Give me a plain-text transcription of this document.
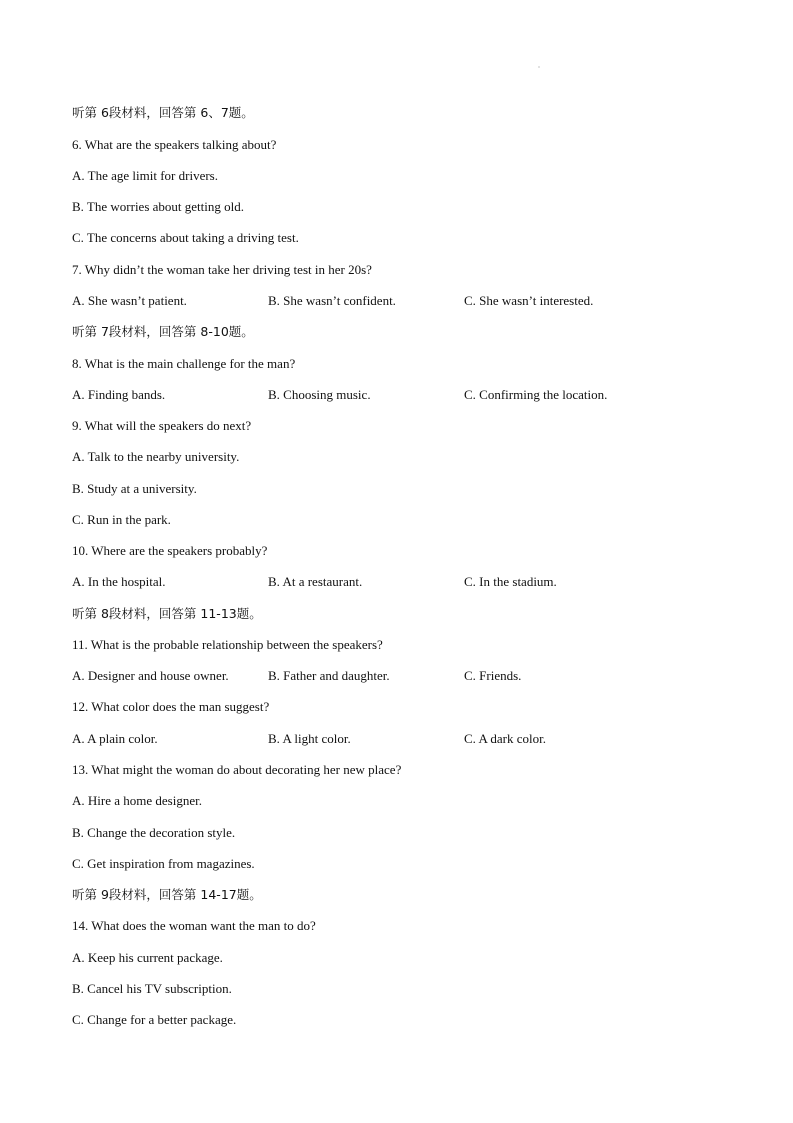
听第 6段材料，回答第 6、7题。
6. What are the speakers talking about?
A. The age limit for drivers.
B. The worries about getting old.
C. The concerns about taking a driving test.
7. Why didn’t the woman take her driving test in her 20s?
A. She wasn’t patient.	B. She wasn’t confident.	C. She wasn’t interested.
听第 7段材料，回答第 8-10题。
8. What is the main challenge for the man?
A. Finding bands.	B. Choosing music.	C. Confirming the location.
9. What will the speakers do next?
A. Talk to the nearby university.
B. Study at a university.
C. Run in the park.
10. Where are the speakers probably?
A. In the hospital.	B. At a restaurant.	C. In the stadium.
听第 8段材料，回答第 11-13题。
11. What is the probable relationship between the speakers?
A. Designer and house owner.	B. Father and daughter.	C. Friends.
12. What color does the man suggest?
A. A plain color.	B. A light color.	C. A dark color.
13. What might the woman do about decorating her new place?
A. Hire a home designer.
B. Change the decoration style.
C. Get inspiration from magazines.
听第 9段材料，回答第 14-17题。
14. What does the woman want the man to do?
A. Keep his current package.
B. Cancel his TV subscription.
C. Change for a better package.
